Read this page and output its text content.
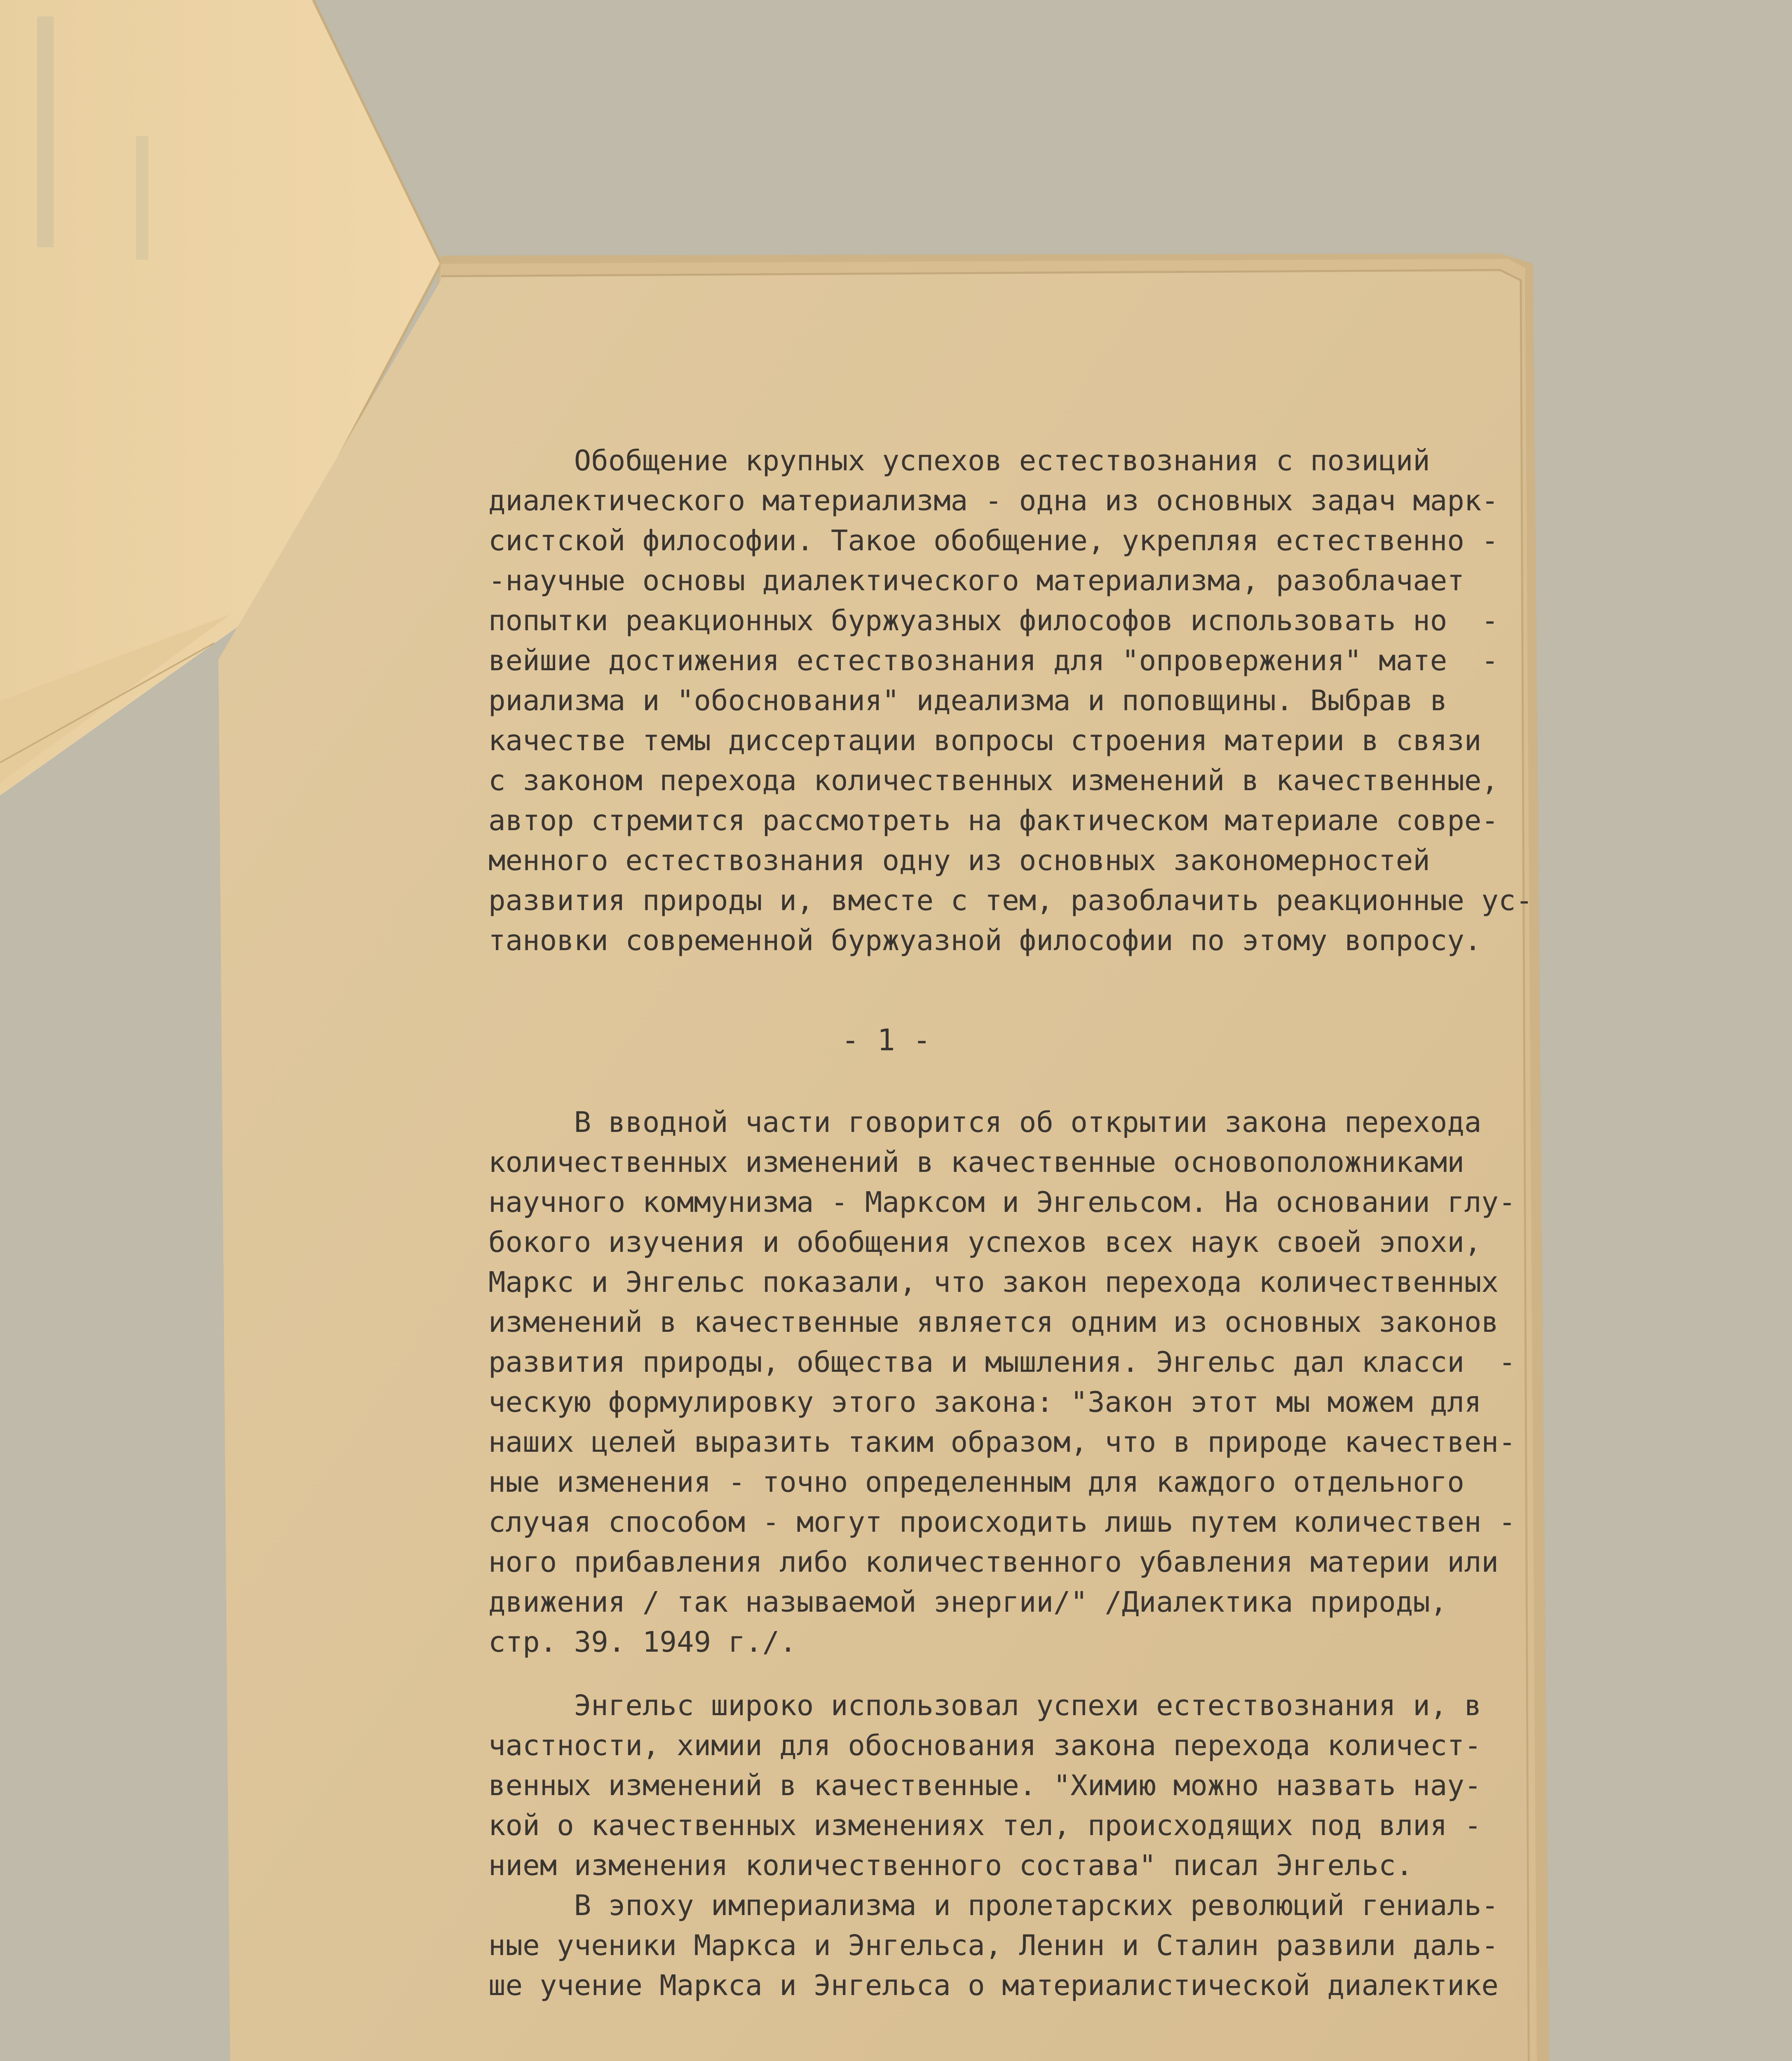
Обобщение крупных успехов естествознания с позиций
диалектического материализма - одна из основных задач марк-
систской философии. Такое обобщение, укрепляя естественно -
-научные основы диалектического материализма, разоблачает
попытки реакционных буржуазных философов использовать но  -
вейшие достижения естествознания для "опровержения" мате  -
риализма и "обоснования" идеализма и поповщины. Выбрав в
качестве темы диссертации вопросы строения материи в связи
с законом перехода количественных изменений в качественные,
автор стремится рассмотреть на фактическом материале совре-
менного естествознания одну из основных закономерностей
развития природы и, вместе с тем, разоблачить реакционные ус-
тановки современной буржуазной философии по этому вопросу.
- 1 -
В вводной части говорится об открытии закона перехода
количественных изменений в качественные основоположниками
научного коммунизма - Марксом и Энгельсом. На основании глу-
бокого изучения и обобщения успехов всех наук своей эпохи,
Маркс и Энгельс показали, что закон перехода количественных
изменений в качественные является одним из основных законов
развития природы, общества и мышления. Энгельс дал класси  -
ческую формулировку этого закона: "Закон этот мы можем для
наших целей выразить таким образом, что в природе качествен-
ные изменения - точно определенным для каждого отдельного
случая способом - могут происходить лишь путем количествен -
ного прибавления либо количественного убавления материи или
движения / так называемой энергии/" /Диалектика природы,
стр. 39. 1949 г./.
Энгельс широко использовал успехи естествознания и, в
частности, химии для обоснования закона перехода количест-
венных изменений в качественные. "Химию можно назвать нау-
кой о качественных изменениях тел, происходящих под влия -
нием изменения количественного состава" писал Энгельс.
В эпоху империализма и пролетарских революций гениаль-
ные ученики Маркса и Энгельса, Ленин и Сталин развили даль-
ше учение Маркса и Энгельса о материалистической диалектике
